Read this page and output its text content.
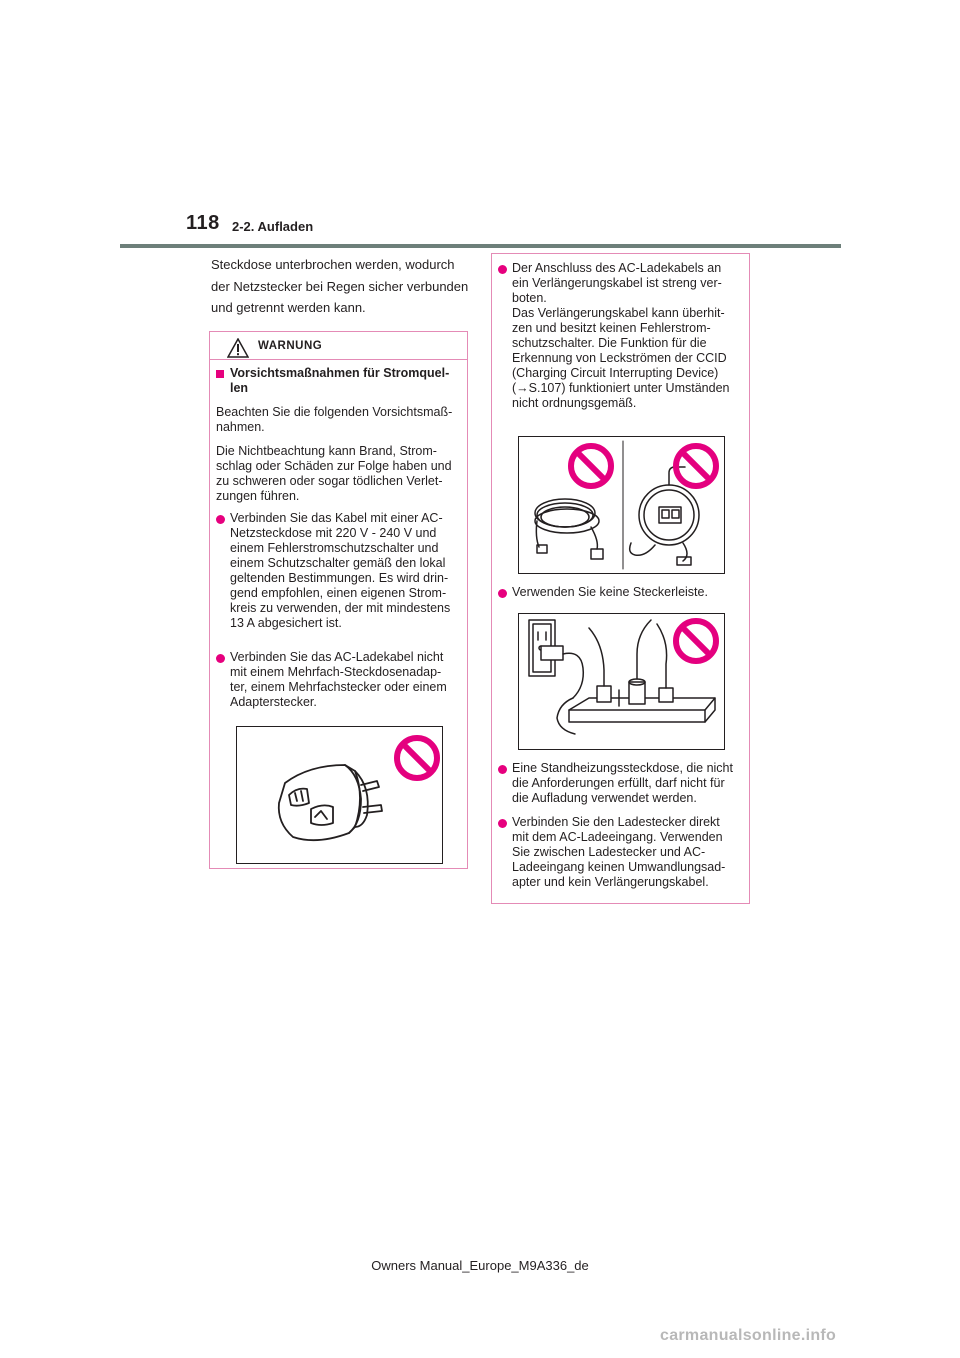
118 2-2. Aufladen
Steckdose unterbrochen werden, wodurch
der Netzstecker bei Regen sicher verbunden
und getrennt werden kann.
WARNUNG
Vorsichtsmaßnahmen für Stromquel-
len
Beachten Sie die folgenden Vorsichtsmaß-
nahmen.
Die Nichtbeachtung kann Brand, Strom-
schlag oder Schäden zur Folge haben und
zu schweren oder sogar tödlichen Verlet-
zungen führen.
Verbinden Sie das Kabel mit einer AC-
Netzsteckdose mit 220 V - 240 V und
einem Fehlerstromschutzschalter und
einem Schutzschalter gemäß den lokal
geltenden Bestimmungen. Es wird drin-
gend empfohlen, einen eigenen Strom-
kreis zu verwenden, der mit mindestens
13 A abgesichert ist.
Verbinden Sie das AC-Ladekabel nicht
mit einem Mehrfach-Steckdosenadap-
ter, einem Mehrfachstecker oder einem
Adapterstecker.
Der Anschluss des AC-Ladekabels an
ein Verlängerungskabel ist streng ver-
boten.
Das Verlängerungskabel kann überhit-
zen und besitzt keinen Fehlerstrom-
schutzschalter. Die Funktion für die
Erkennung von Leckströmen der CCID
(Charging Circuit Interrupting Device)
(→S.107) funktioniert unter Umständen
nicht ordnungsgemäß.
Verwenden Sie keine Steckerleiste.
Eine Standheizungssteckdose, die nicht
die Anforderungen erfüllt, darf nicht für
die Aufladung verwendet werden.
Verbinden Sie den Ladestecker direkt
mit dem AC-Ladeeingang. Verwenden
Sie zwischen Ladestecker und AC-
Ladeeingang keinen Umwandlungsad-
apter und kein Verlängerungskabel.
Owners Manual_Europe_M9A336_de
carmanualsonline.info
